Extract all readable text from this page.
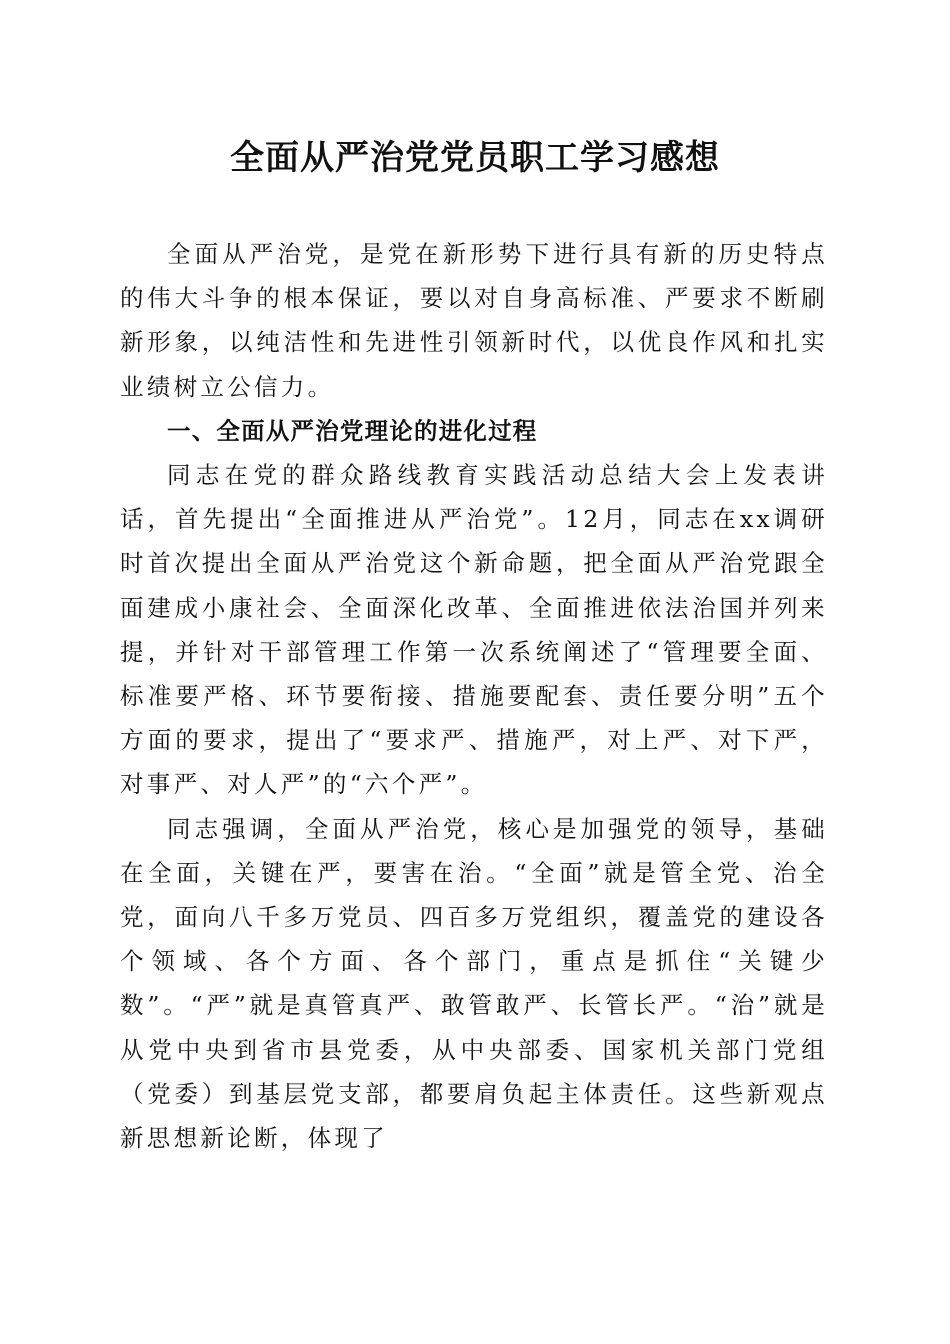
全面从严治党党员职工学习感想

全面从严治党，是党在新形势下进行具有新的历史特点的伟大斗争的根本保证，要以对自身高标准、严要求不断刷新形象，以纯洁性和先进性引领新时代，以优良作风和扎实业绩树立公信力。

一、全面从严治党理论的进化过程

同志在党的群众路线教育实践活动总结大会上发表讲话，首先提出“全面推进从严治党”。12月，同志在xx调研时首次提出全面从严治党这个新命题，把全面从严治党跟全面建成小康社会、全面深化改革、全面推进依法治国并列来提，并针对干部管理工作第一次系统阐述了“管理要全面、标准要严格、环节要衔接、措施要配套、责任要分明”五个方面的要求，提出了“要求严、措施严，对上严、对下严，对事严、对人严”的“六个严”。

同志强调，全面从严治党，核心是加强党的领导，基础在全面，关键在严，要害在治。“全面”就是管全党、治全党，面向八千多万党员、四百多万党组织，覆盖党的建设各个领域、各个方面、各个部门，重点是抓住“关键少数”。“严”就是真管真严、敢管敢严、长管长严。“治”就是从党中央到省市县党委，从中央部委、国家机关部门党组（党委）到基层党支部，都要肩负起主体责任。这些新观点新思想新论断，体现了
